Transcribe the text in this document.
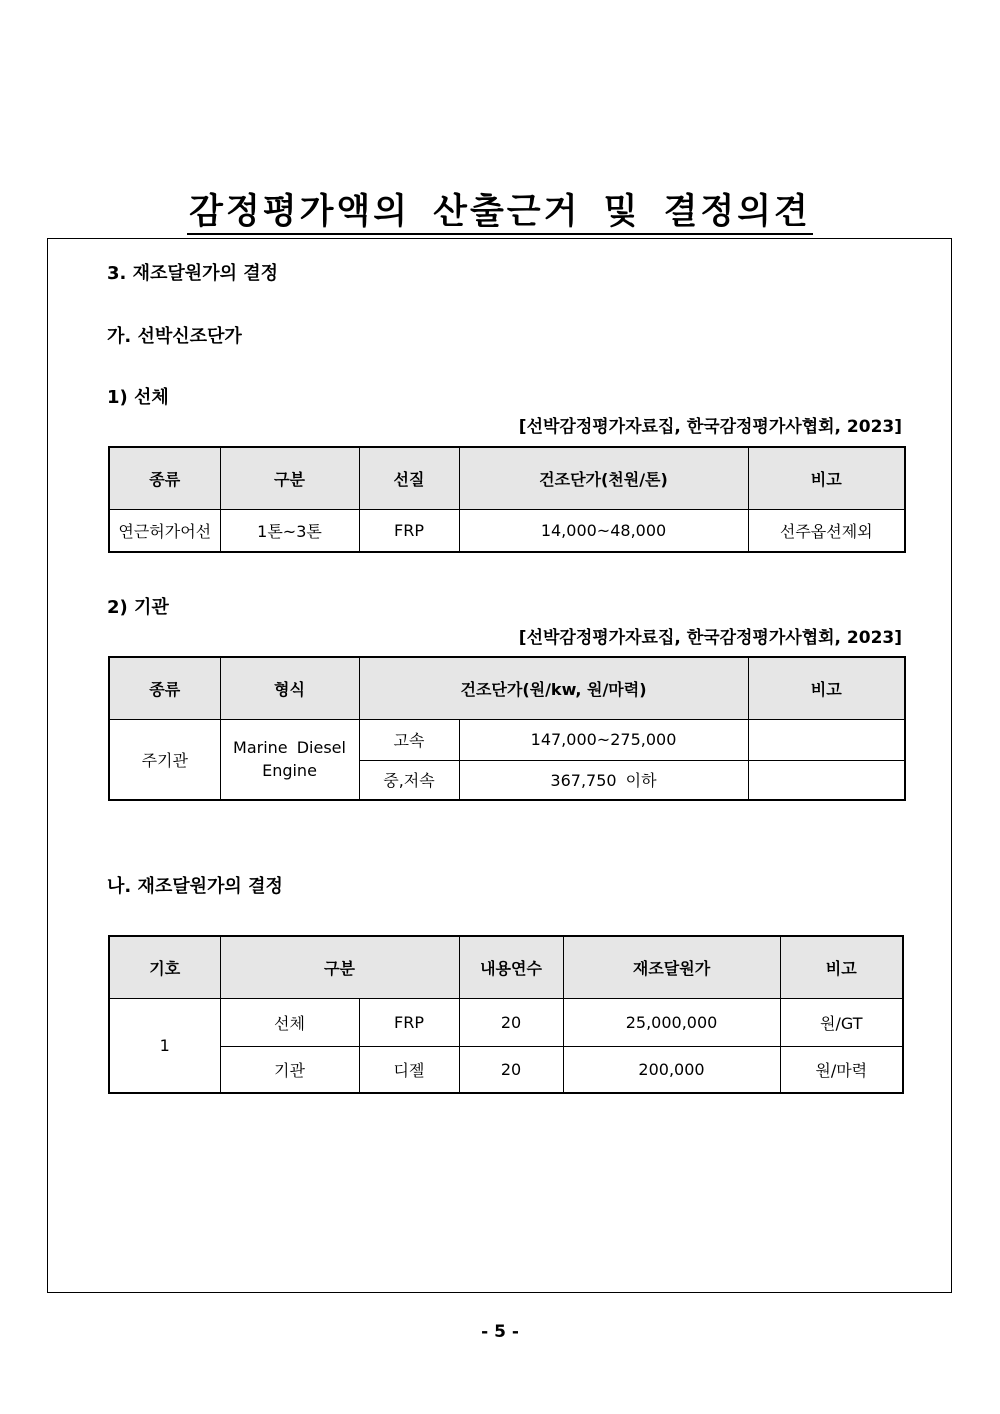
감정평가액의 산출근거 및 결정의견
3. 재조달원가의 결정
가. 선박신조단가
1) 선체
[선박감정평가자료집, 한국감정평가사협회, 2023]
종류	구분	선질	건조단가(천원/톤)	비고
연근허가어선	1톤~3톤	FRP	14,000~48,000	선주옵션제외
2) 기관
[선박감정평가자료집, 한국감정평가사협회, 2023]
종류	형식	건조단가(원/kw, 원/마력)		비고
주기관	Marine Diesel Engine	고속	147,000~275,000	
		중,저속	367,750 이하	
나. 재조달원가의 결정
기호	구분		내용연수	재조달원가	비고
1	선체	FRP	20	25,000,000	원/GT
	기관	디젤	20	200,000	원/마력
- 5 -
